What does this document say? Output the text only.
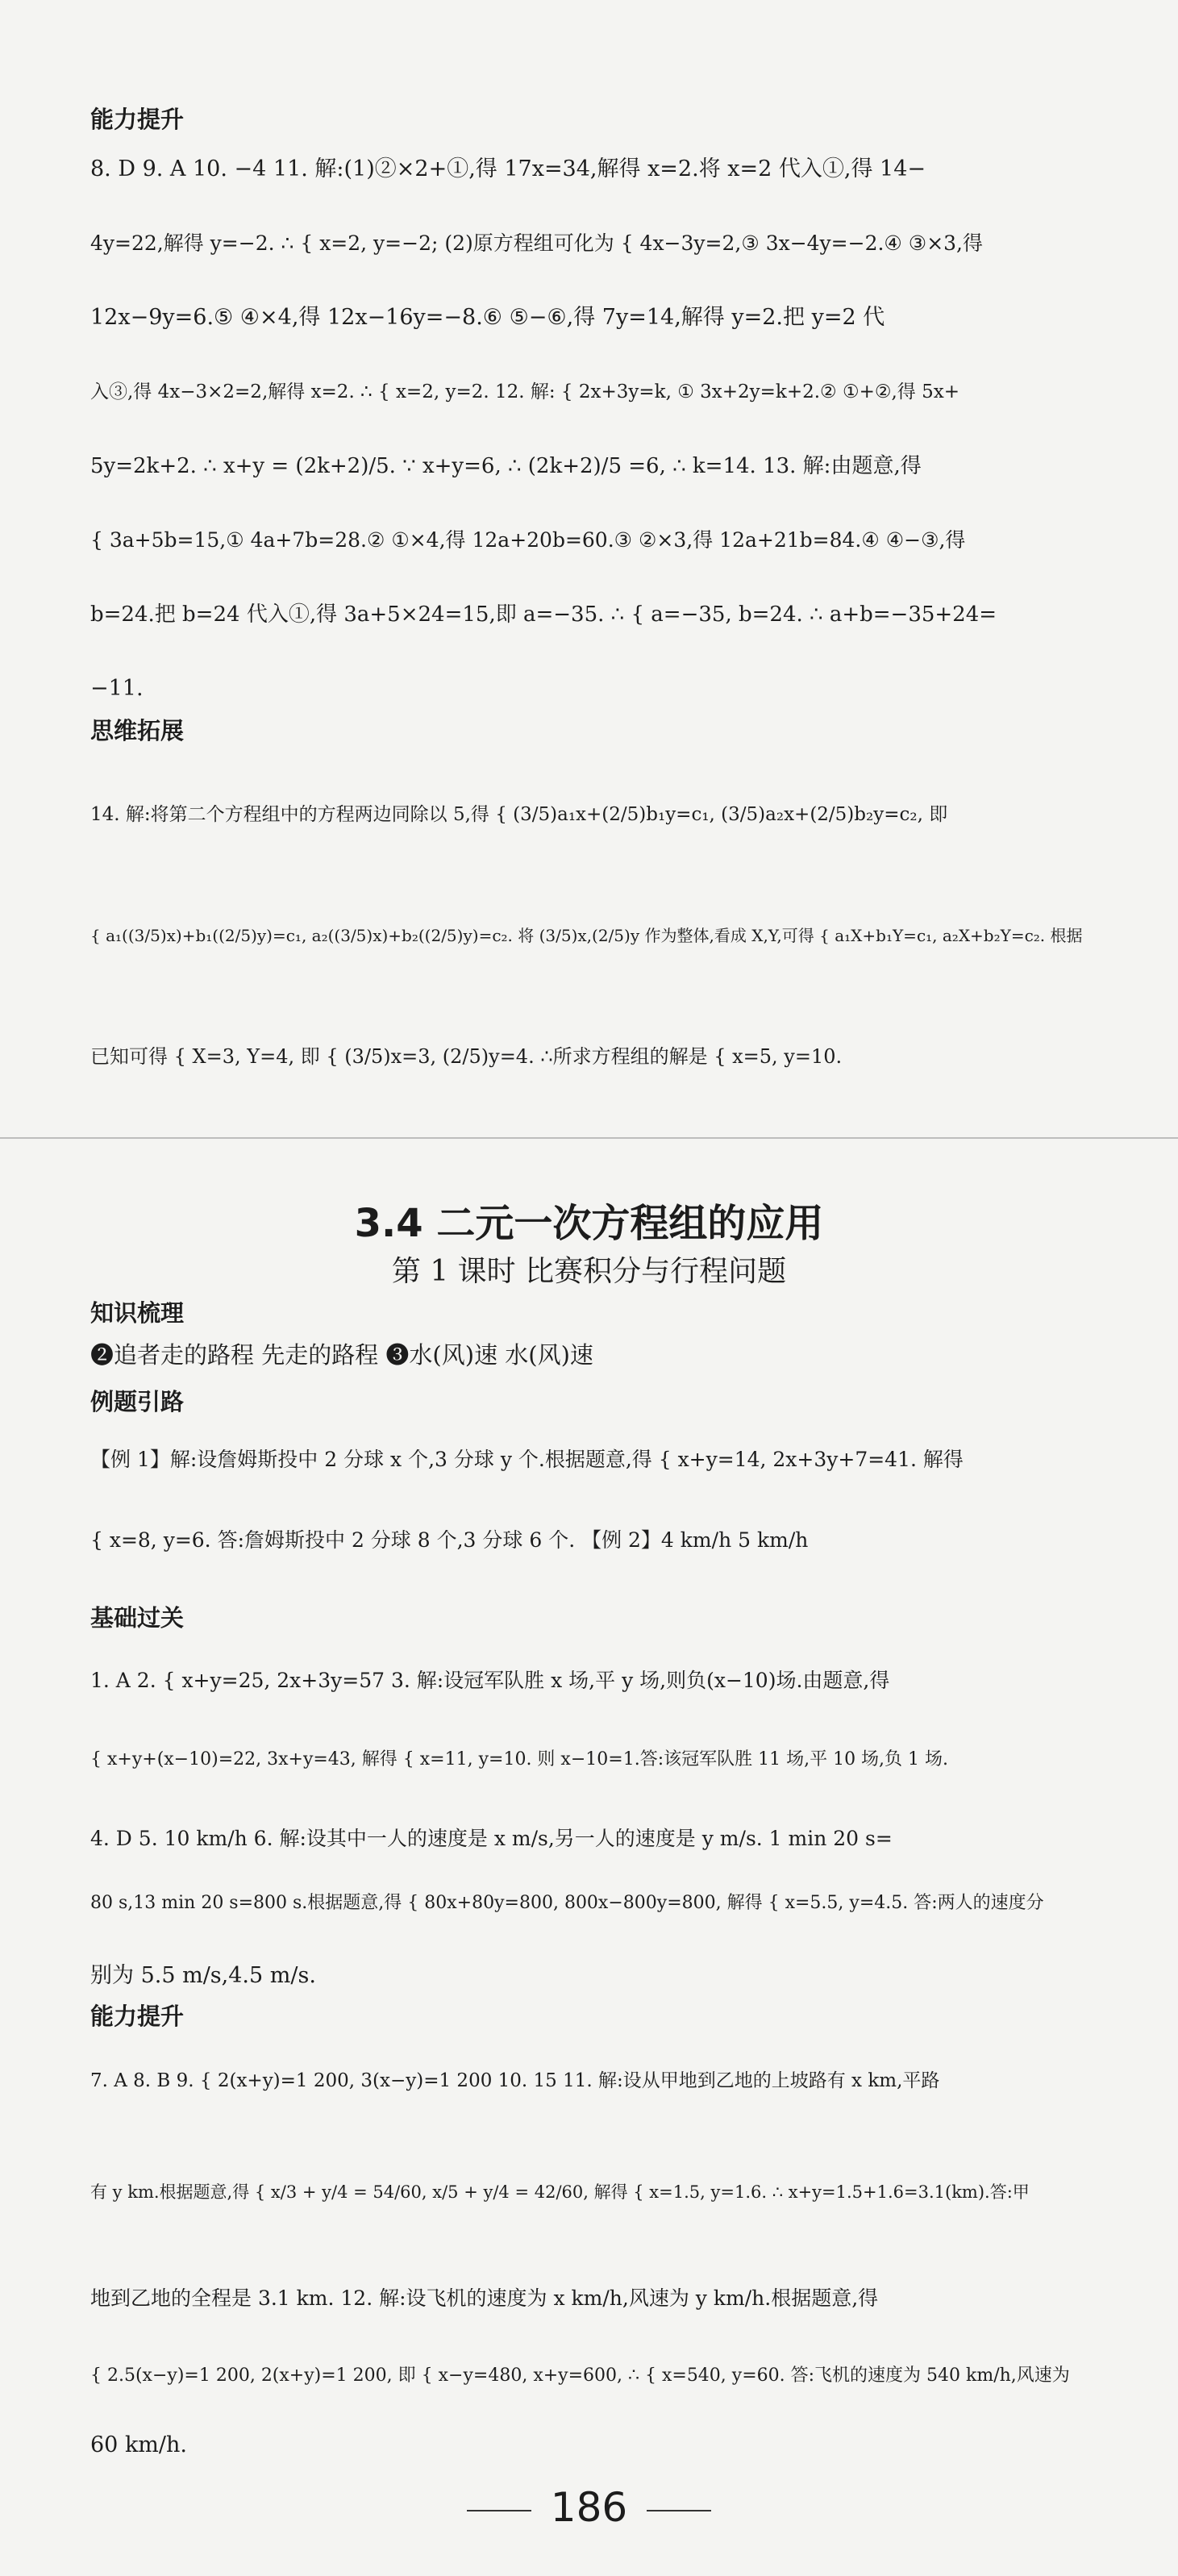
能力提升
8. D 9. A 10. −4 11. 解:(1)②×2+①,得 17x=34,解得 x=2.将 x=2 代入①,得 14−
4y=22,解得 y=−2. ∴ { x=2, y=−2; (2)原方程组可化为 { 4x−3y=2,③ 3x−4y=−2.④ ③×3,得
12x−9y=6.⑤ ④×4,得 12x−16y=−8.⑥ ⑤−⑥,得 7y=14,解得 y=2.把 y=2 代
入③,得 4x−3×2=2,解得 x=2. ∴ { x=2, y=2. 12. 解: { 2x+3y=k, ① 3x+2y=k+2.② ①+②,得 5x+
5y=2k+2. ∴ x+y = (2k+2)/5. ∵ x+y=6, ∴ (2k+2)/5 =6, ∴ k=14. 13. 解:由题意,得
{ 3a+5b=15,① 4a+7b=28.② ①×4,得 12a+20b=60.③ ②×3,得 12a+21b=84.④ ④−③,得
b=24.把 b=24 代入①,得 3a+5×24=15,即 a=−35. ∴ { a=−35, b=24. ∴ a+b=−35+24=
−11.
思维拓展
14. 解:将第二个方程组中的方程两边同除以 5,得 { (3/5)a₁x+(2/5)b₁y=c₁, (3/5)a₂x+(2/5)b₂y=c₂, 即
{ a₁((3/5)x)+b₁((2/5)y)=c₁, a₂((3/5)x)+b₂((2/5)y)=c₂. 将 (3/5)x,(2/5)y 作为整体,看成 X,Y,可得 { a₁X+b₁Y=c₁, a₂X+b₂Y=c₂. 根据
已知可得 { X=3, Y=4, 即 { (3/5)x=3, (2/5)y=4. ∴所求方程组的解是 { x=5, y=10.
3.4 二元一次方程组的应用
第 1 课时 比赛积分与行程问题
知识梳理
❷追者走的路程 先走的路程 ❸水(风)速 水(风)速
例题引路
【例 1】解:设詹姆斯投中 2 分球 x 个,3 分球 y 个.根据题意,得 { x+y=14, 2x+3y+7=41. 解得
{ x=8, y=6. 答:詹姆斯投中 2 分球 8 个,3 分球 6 个. 【例 2】4 km/h 5 km/h
基础过关
1. A 2. { x+y=25, 2x+3y=57 3. 解:设冠军队胜 x 场,平 y 场,则负(x−10)场.由题意,得
{ x+y+(x−10)=22, 3x+y=43, 解得 { x=11, y=10. 则 x−10=1.答:该冠军队胜 11 场,平 10 场,负 1 场.
4. D 5. 10 km/h 6. 解:设其中一人的速度是 x m/s,另一人的速度是 y m/s. 1 min 20 s=
80 s,13 min 20 s=800 s.根据题意,得 { 80x+80y=800, 800x−800y=800, 解得 { x=5.5, y=4.5. 答:两人的速度分
别为 5.5 m/s,4.5 m/s.
能力提升
7. A 8. B 9. { 2(x+y)=1 200, 3(x−y)=1 200 10. 15 11. 解:设从甲地到乙地的上坡路有 x km,平路
有 y km.根据题意,得 { x/3 + y/4 = 54/60, x/5 + y/4 = 42/60, 解得 { x=1.5, y=1.6. ∴ x+y=1.5+1.6=3.1(km).答:甲
地到乙地的全程是 3.1 km. 12. 解:设飞机的速度为 x km/h,风速为 y km/h.根据题意,得
{ 2.5(x−y)=1 200, 2(x+y)=1 200, 即 { x−y=480, x+y=600, ∴ { x=540, y=60. 答:飞机的速度为 540 km/h,风速为
60 km/h.
186
